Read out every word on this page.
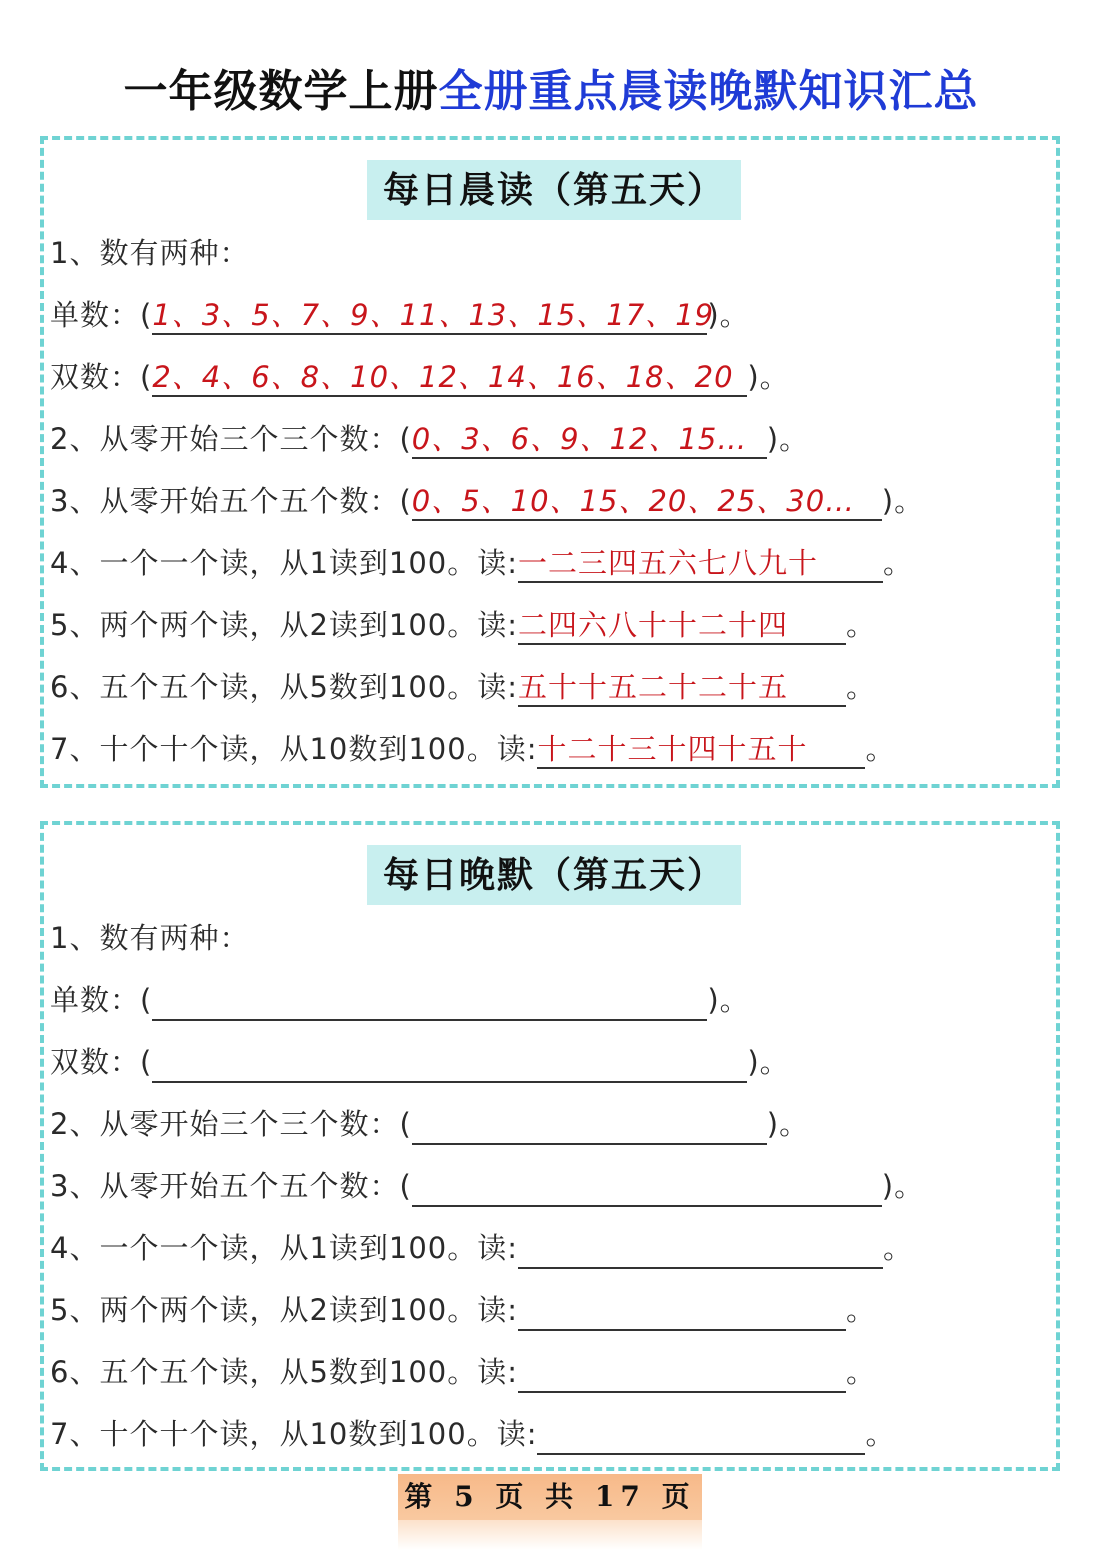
一年级数学上册全册重点晨读晚默知识汇总
每日晨读（第五天）
1、数有两种：
单数：(1、3、5、7、9、11、13、15、17、19)。
双数：(2、4、6、8、10、12、14、16、18、20 )。
2、从零开始三个三个数：(0、3、6、9、12、15… )。
3、从零开始五个五个数：(0、5、10、15、20、25、30… )。
4、一个一个读，从1读到100。读:一二三四五六七八九十 。
5、两个两个读，从2读到100。读:二四六八十十二十四 。
6、五个五个读，从5数到100。读:五十十五二十二十五 。
7、十个十个读，从10数到100。读:十二十三十四十五十 。
每日晚默（第五天）
1、数有两种：
单数：(	)。
双数：(	)。
2、从零开始三个三个数：(	)。
3、从零开始五个五个数：(	)。
4、一个一个读，从1读到100。读:	。
5、两个两个读，从2读到100。读:	。
6、五个五个读，从5数到100。读:	。
7、十个十个读，从10数到100。读:	。
第 5 页 共 17 页
